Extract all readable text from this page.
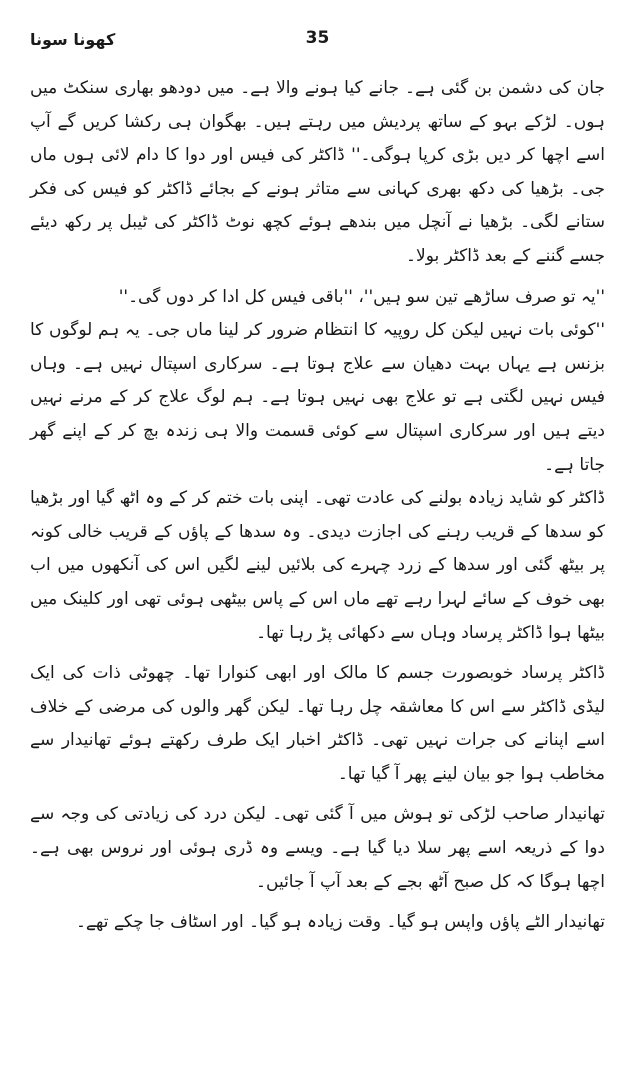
کھونا سونا	35

جان کی دشمن بن گئی ہے۔ جانے کیا ہونے والا ہے۔ میں دودھو بھاری سنکٹ میں ہوں۔ لڑکے بہو کے ساتھ پردیش میں رہتے ہیں۔ بھگوان ہی رکشا کریں گے آپ اسے اچھا کر دیں بڑی کرپا ہوگی۔'' ڈاکٹر کی فیس اور دوا کا دام لائی ہوں ماں جی۔ بڑھیا کی دکھ بھری کہانی سے متاثر ہونے کے بجائے ڈاکٹر کو فیس کی فکر ستانے لگی۔ بڑھیا نے آنچل میں بندھے ہوئے کچھ نوٹ ڈاکٹر کی ٹیبل پر رکھ دیئے جسے گننے کے بعد ڈاکٹر بولا۔

''یہ تو صرف ساڑھے تین سو ہیں''، ''باقی فیس کل ادا کر دوں گی۔''

''کوئی بات نہیں لیکن کل روپیہ کا انتظام ضرور کر لینا ماں جی۔ یہ ہم لوگوں کا بزنس ہے یہاں بہت دھیان سے علاج ہوتا ہے۔ سرکاری اسپتال نہیں ہے۔ وہاں فیس نہیں لگتی ہے تو علاج بھی نہیں ہوتا ہے۔ ہم لوگ علاج کر کے مرنے نہیں دیتے ہیں اور سرکاری اسپتال سے کوئی قسمت والا ہی زندہ بچ کر کے اپنے گھر جاتا ہے۔

ڈاکٹر کو شاید زیادہ بولنے کی عادت تھی۔ اپنی بات ختم کر کے وہ اٹھ گیا اور بڑھیا کو سدھا کے قریب رہنے کی اجازت دیدی۔ وہ سدھا کے پاؤں کے قریب خالی کونہ پر بیٹھ گئی اور سدھا کے زرد چہرے کی بلائیں لینے لگیں اس کی آنکھوں میں اب بھی خوف کے سائے لہرا رہے تھے ماں اس کے پاس بیٹھی ہوئی تھی اور کلینک میں بیٹھا ہوا ڈاکٹر پرساد وہاں سے دکھائی پڑ رہا تھا۔

ڈاکٹر پرساد خوبصورت جسم کا مالک اور ابھی کنوارا تھا۔ چھوٹی ذات کی ایک لیڈی ڈاکٹر سے اس کا معاشقہ چل رہا تھا۔ لیکن گھر والوں کی مرضی کے خلاف اسے اپنانے کی جرات نہیں تھی۔ ڈاکٹر اخبار ایک طرف رکھتے ہوئے تھانیدار سے مخاطب ہوا جو بیان لینے پھر آ گیا تھا۔

تھانیدار صاحب لڑکی تو ہوش میں آ گئی تھی۔ لیکن درد کی زیادتی کی وجہ سے دوا کے ذریعہ اسے پھر سلا دیا گیا ہے۔ ویسے وہ ڈری ہوئی اور نروس بھی ہے۔ اچھا ہوگا کہ کل صبح آٹھ بجے کے بعد آپ آ جائیں۔

تھانیدار الٹے پاؤں واپس ہو گیا۔ وقت زیادہ ہو گیا۔ اور اسٹاف جا چکے تھے۔
